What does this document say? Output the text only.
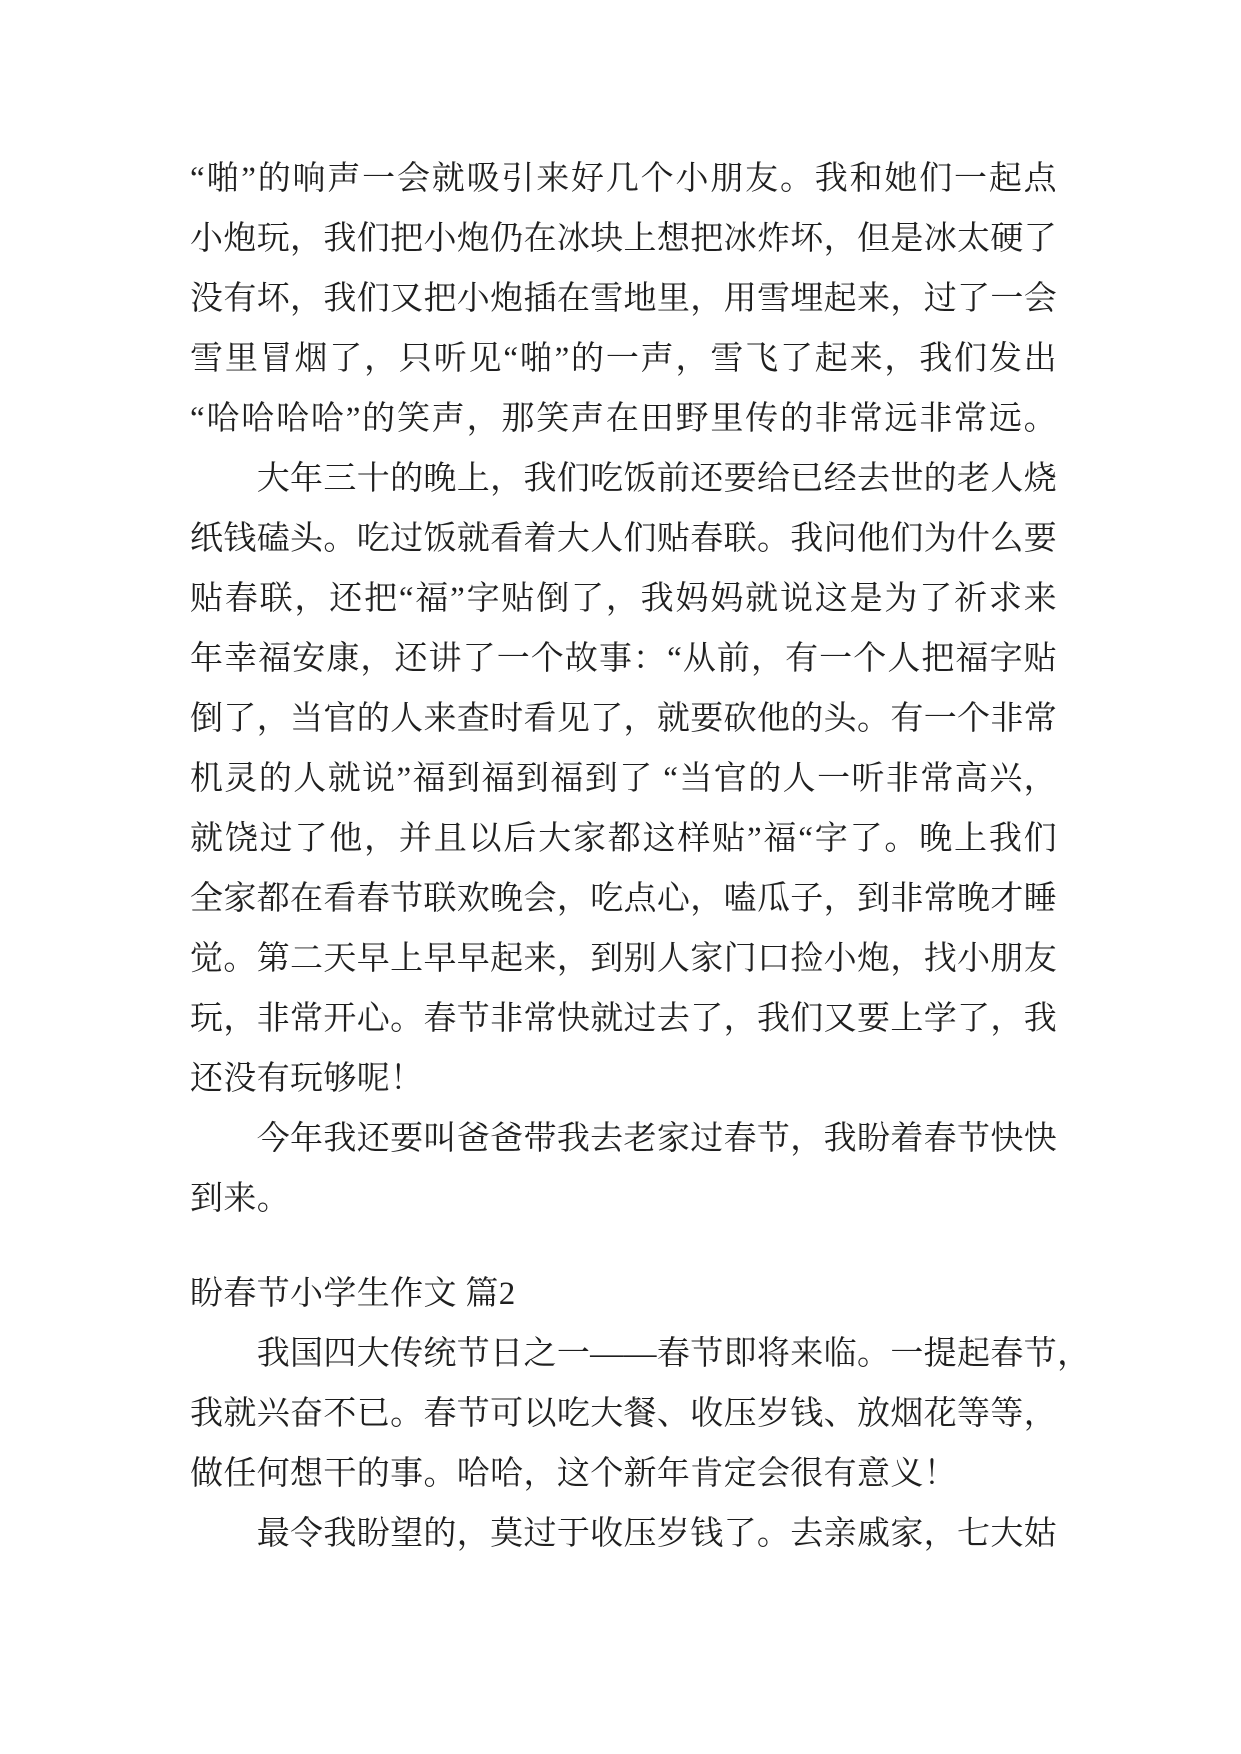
“啪”的响声一会就吸引来好几个小朋友。我和她们一起点
小炮玩，我们把小炮仍在冰块上想把冰炸坏，但是冰太硬了
没有坏，我们又把小炮插在雪地里，用雪埋起来，过了一会
雪里冒烟了，只听见“啪”的一声，雪飞了起来，我们发出
“哈哈哈哈”的笑声，那笑声在田野里传的非常远非常远。
大年三十的晚上，我们吃饭前还要给已经去世的老人烧
纸钱磕头。吃过饭就看着大人们贴春联。我问他们为什么要
贴春联，还把“福”字贴倒了，我妈妈就说这是为了祈求来
年幸福安康，还讲了一个故事：“从前，有一个人把福字贴
倒了，当官的人来查时看见了，就要砍他的头。有一个非常
机灵的人就说”福到福到福到了 “当官的人一听非常高兴，
就饶过了他，并且以后大家都这样贴”福“字了。晚上我们
全家都在看春节联欢晚会，吃点心，嗑瓜子，到非常晚才睡
觉。第二天早上早早起来，到别人家门口捡小炮，找小朋友
玩，非常开心。春节非常快就过去了，我们又要上学了，我
还没有玩够呢！
今年我还要叫爸爸带我去老家过春节，我盼着春节快快
到来。
盼春节小学生作文 篇2
我国四大传统节日之一——春节即将来临。一提起春节，
我就兴奋不已。春节可以吃大餐、收压岁钱、放烟花等等，
做任何想干的事。哈哈，这个新年肯定会很有意义！
最令我盼望的，莫过于收压岁钱了。去亲戚家，七大姑
